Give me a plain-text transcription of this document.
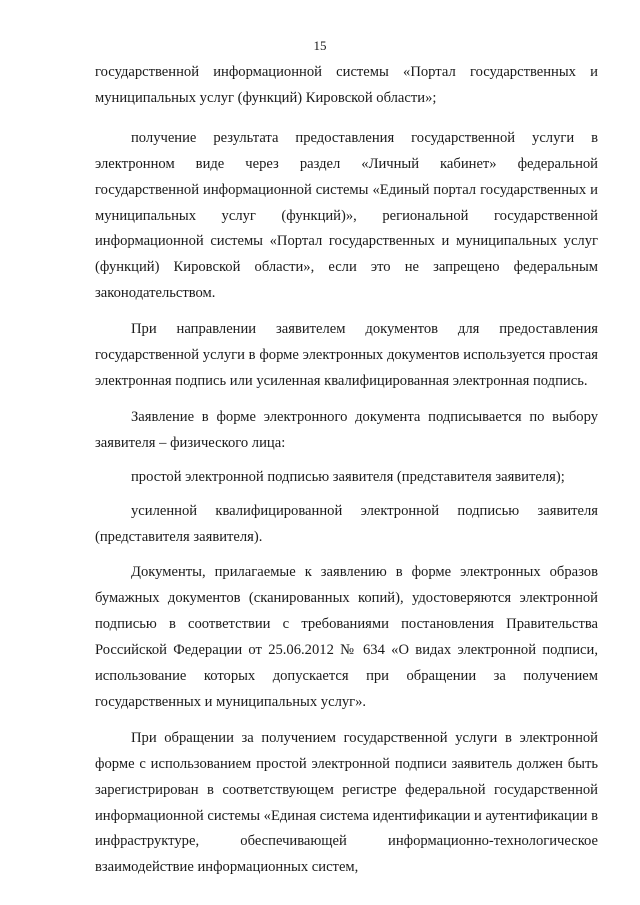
15

государственной информационной системы «Портал государственных и муниципальных услуг (функций) Кировской области»;

получение результата предоставления государственной услуги в электронном виде через раздел «Личный кабинет» федеральной государственной информационной системы «Единый портал государственных и муниципальных услуг (функций)», региональной государственной информационной системы «Портал государственных и муниципальных услуг (функций) Кировской области», если это не запрещено федеральным законодательством.

При направлении заявителем документов для предоставления государственной услуги в форме электронных документов используется простая электронная подпись или усиленная квалифицированная электронная подпись.

Заявление в форме электронного документа подписывается по выбору заявителя – физического лица:

простой электронной подписью заявителя (представителя заявителя);

усиленной квалифицированной электронной подписью заявителя (представителя заявителя).

Документы, прилагаемые к заявлению в форме электронных образов бумажных документов (сканированных копий), удостоверяются электронной подписью в соответствии с требованиями постановления Правительства Российской Федерации от 25.06.2012 № 634 «О видах электронной подписи, использование которых допускается при обращении за получением государственных и муниципальных услуг».

При обращении за получением государственной услуги в электронной форме с использованием простой электронной подписи заявитель должен быть зарегистрирован в соответствующем регистре федеральной государственной информационной системы «Единая система идентификации и аутентификации в инфраструктуре, обеспечивающей информационно-технологическое взаимодействие информационных систем,
